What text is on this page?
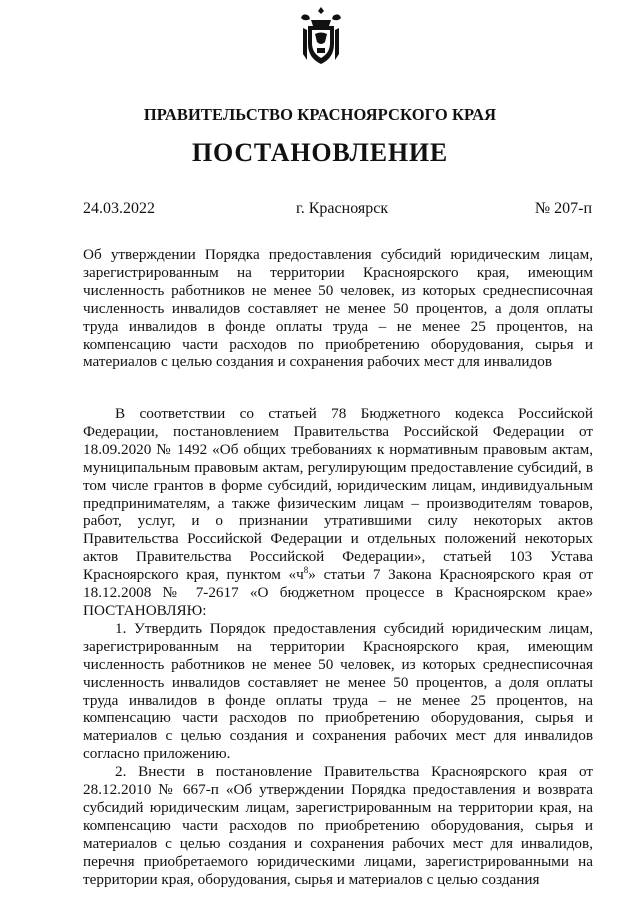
ПРАВИТЕЛЬСТВО КРАСНОЯРСКОГО КРАЯ
ПОСТАНОВЛЕНИЕ
24.03.2022	г. Красноярск	№ 207-п
Об утверждении Порядка предоставления субсидий юридическим лицам, зарегистрированным на территории Красноярского края, имеющим численность работников не менее 50 человек, из которых среднесписочная численность инвалидов составляет не менее 50 процентов, а доля оплаты труда инвалидов в фонде оплаты труда – не менее 25 процентов, на компенсацию части расходов по приобретению оборудования, сырья и материалов с целью создания и сохранения рабочих мест для инвалидов

В соответствии со статьей 78 Бюджетного кодекса Российской Федерации, постановлением Правительства Российской Федерации от 18.09.2020 № 1492 «Об общих требованиях к нормативным правовым актам, муниципальным правовым актам, регулирующим предоставление субсидий, в том числе грантов в форме субсидий, юридическим лицам, индивидуальным предпринимателям, а также физическим лицам – производителям товаров, работ, услуг, и о признании утратившими силу некоторых актов Правительства Российской Федерации и отдельных положений некоторых актов Правительства Российской Федерации», статьей 103 Устава Красноярского края, пунктом «$ч^8$» статьи 7 Закона Красноярского края от 18.12.2008 № 7-2617 «О бюджетном процессе в Красноярском крае» ПОСТАНОВЛЯЮ:

1. Утвердить Порядок предоставления субсидий юридическим лицам, зарегистрированным на территории Красноярского края, имеющим численность работников не менее 50 человек, из которых среднесписочная численность инвалидов составляет не менее 50 процентов, а доля оплаты труда инвалидов в фонде оплаты труда – не менее 25 процентов, на компенсацию части расходов по приобретению оборудования, сырья и материалов с целью создания и сохранения рабочих мест для инвалидов согласно приложению.

2. Внести в постановление Правительства Красноярского края от 28.12.2010 № 667-п «Об утверждении Порядка предоставления и возврата субсидий юридическим лицам, зарегистрированным на территории края, на компенсацию части расходов по приобретению оборудования, сырья и материалов с целью создания и сохранения рабочих мест для инвалидов, перечня приобретаемого юридическими лицами, зарегистрированными на территории края, оборудования, сырья и материалов с целью создания
